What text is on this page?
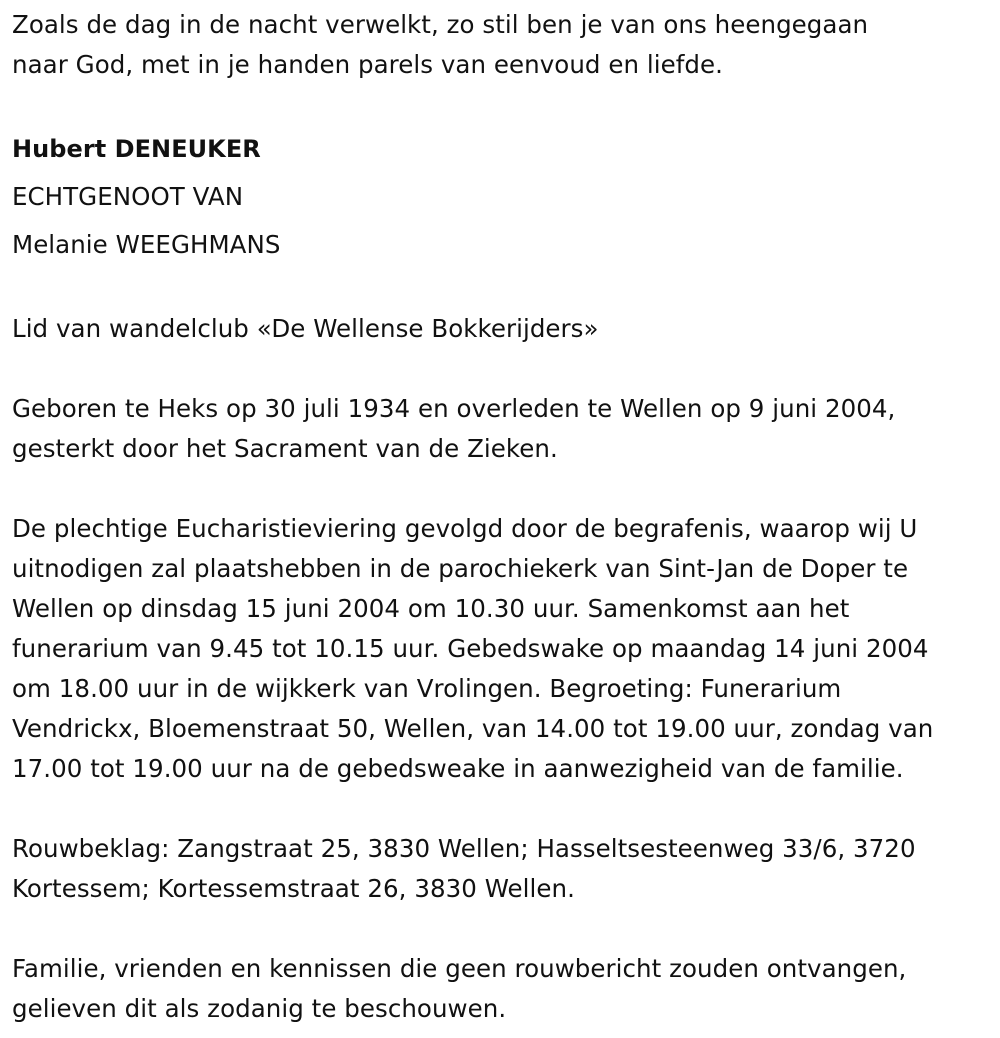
Zoals de dag in de nacht verwelkt, zo stil ben je van ons heengegaan
naar God, met in je handen parels van eenvoud en liefde.
Hubert DENEUKER
ECHTGENOOT VAN
Melanie WEEGHMANS
Lid van wandelclub «De Wellense Bokkerijders»
Geboren te Heks op 30 juli 1934 en overleden te Wellen op 9 juni 2004,
gesterkt door het Sacrament van de Zieken.
De plechtige Eucharistieviering gevolgd door de begrafenis, waarop wij U
uitnodigen zal plaatshebben in de parochiekerk van Sint-Jan de Doper te
Wellen op dinsdag 15 juni 2004 om 10.30 uur. Samenkomst aan het
funerarium van 9.45 tot 10.15 uur. Gebedswake op maandag 14 juni 2004
om 18.00 uur in de wijkkerk van Vrolingen. Begroeting: Funerarium
Vendrickx, Bloemenstraat 50, Wellen, van 14.00 tot 19.00 uur, zondag van
17.00 tot 19.00 uur na de gebedsweake in aanwezigheid van de familie.
Rouwbeklag: Zangstraat 25, 3830 Wellen; Hasseltsesteenweg 33/6, 3720
Kortessem; Kortessemstraat 26, 3830 Wellen.
Familie, vrienden en kennissen die geen rouwbericht zouden ontvangen,
gelieven dit als zodanig te beschouwen.
